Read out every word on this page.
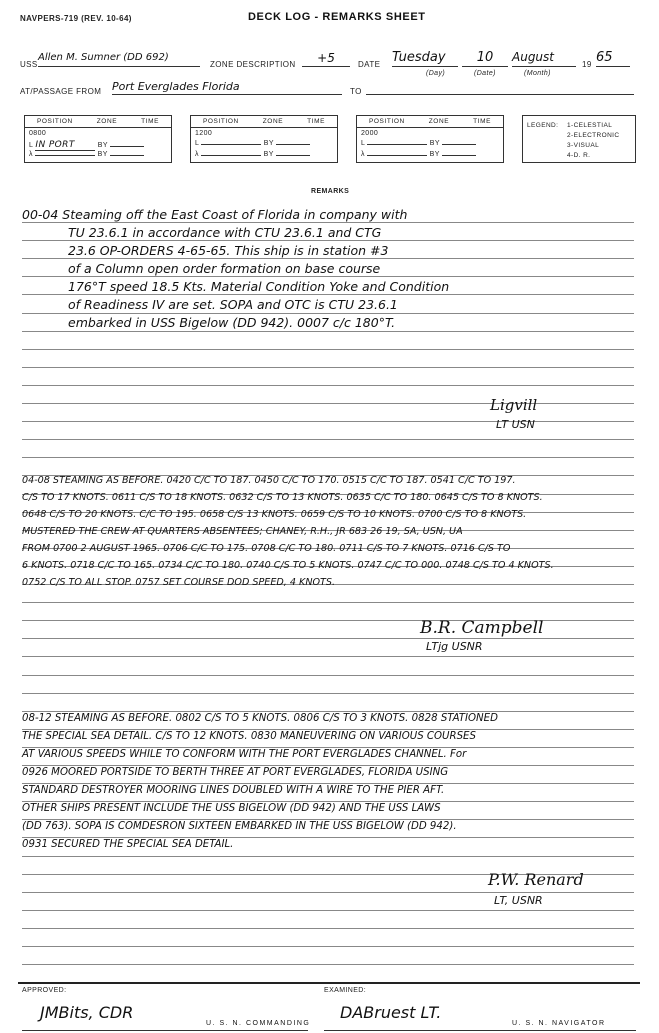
NAVPERS-719 (REV. 10-64)	DECK LOG - REMARKS SHEET
USS
Allen M. Sumner (DD 692)
ZONE DESCRIPTION	+5	DATE Tuesday	10	August
19 65
(Day)	(Date)	(Month)
AT/PASSAGE FROM Port Everglades Florida	TO
POSITION	ZONE	TIME
0800
L IN PORT	BY
λ	BY
POSITION	ZONE	TIME
1200
L	BY
λ	BY
POSITION	ZONE	TIME
2000
L	BY
λ	BY
LEGEND: 1-CELESTIAL
2-ELECTRONIC
3-VISUAL
4-D. R.
REMARKS
00-04 Steaming off the East Coast of Florida in company with
TU 23.6.1 in accordance with CTU 23.6.1 and CTG
23.6 OP-ORDERS 4-65-65. This ship is in station #3
of a Column open order formation on base course
176°T speed 18.5 Kts. Material Condition Yoke and Condition
of Readiness IV are set. SOPA and OTC is CTU 23.6.1
embarked in USS Bigelow (DD 942). 0007 c/c 180°T.
Ligvill
LT USN
04-08 STEAMING AS BEFORE. 0420 C/C TO 187. 0450 C/C TO 170. 0515 C/C TO 187. 0541 C/C TO 197.
C/S TO 17 KNOTS. 0611 C/S TO 18 KNOTS. 0632 C/S TO 13 KNOTS. 0635 C/C TO 180. 0645 C/S TO 8 KNOTS.
0648 C/S TO 20 KNOTS. C/C TO 195. 0658 C/S 13 KNOTS. 0659 C/S TO 10 KNOTS. 0700 C/S TO 8 KNOTS.
MUSTERED THE CREW AT QUARTERS ABSENTEES; CHANEY, R.H., JR 683 26 19, SA, USN, UA
FROM 0700 2 AUGUST 1965. 0706 C/C TO 175. 0708 C/C TO 180. 0711 C/S TO 7 KNOTS. 0716 C/S TO
6 KNOTS. 0718 C/C TO 165. 0734 C/C TO 180. 0740 C/S TO 5 KNOTS. 0747 C/C TO 000. 0748 C/S TO 4 KNOTS.
0752 C/S TO ALL STOP. 0757 SET COURSE DOD SPEED, 4 KNOTS.
B.R. Campbell
LTjg USNR
08-12 STEAMING AS BEFORE. 0802 C/S TO 5 KNOTS. 0806 C/S TO 3 KNOTS. 0828 STATIONED
THE SPECIAL SEA DETAIL. C/S TO 12 KNOTS. 0830 MANEUVERING ON VARIOUS COURSES
AT VARIOUS SPEEDS WHILE TO CONFORM WITH THE PORT EVERGLADES CHANNEL. For
0926 MOORED PORTSIDE TO BERTH THREE AT PORT EVERGLADES, FLORIDA USING
STANDARD DESTROYER MOORING LINES DOUBLED WITH A WIRE TO THE PIER AFT.
OTHER SHIPS PRESENT INCLUDE THE USS BIGELOW (DD 942) AND THE USS LAWS
(DD 763). SOPA IS COMDESRON SIXTEEN EMBARKED IN THE USS BIGELOW (DD 942).
0931 SECURED THE SPECIAL SEA DETAIL.
P.W. Renard
LT, USNR
APPROVED:
JMBits, CDR
U. S. N. COMMANDING
EXAMINED:
DABruest LT.
U. S. N. NAVIGATOR
